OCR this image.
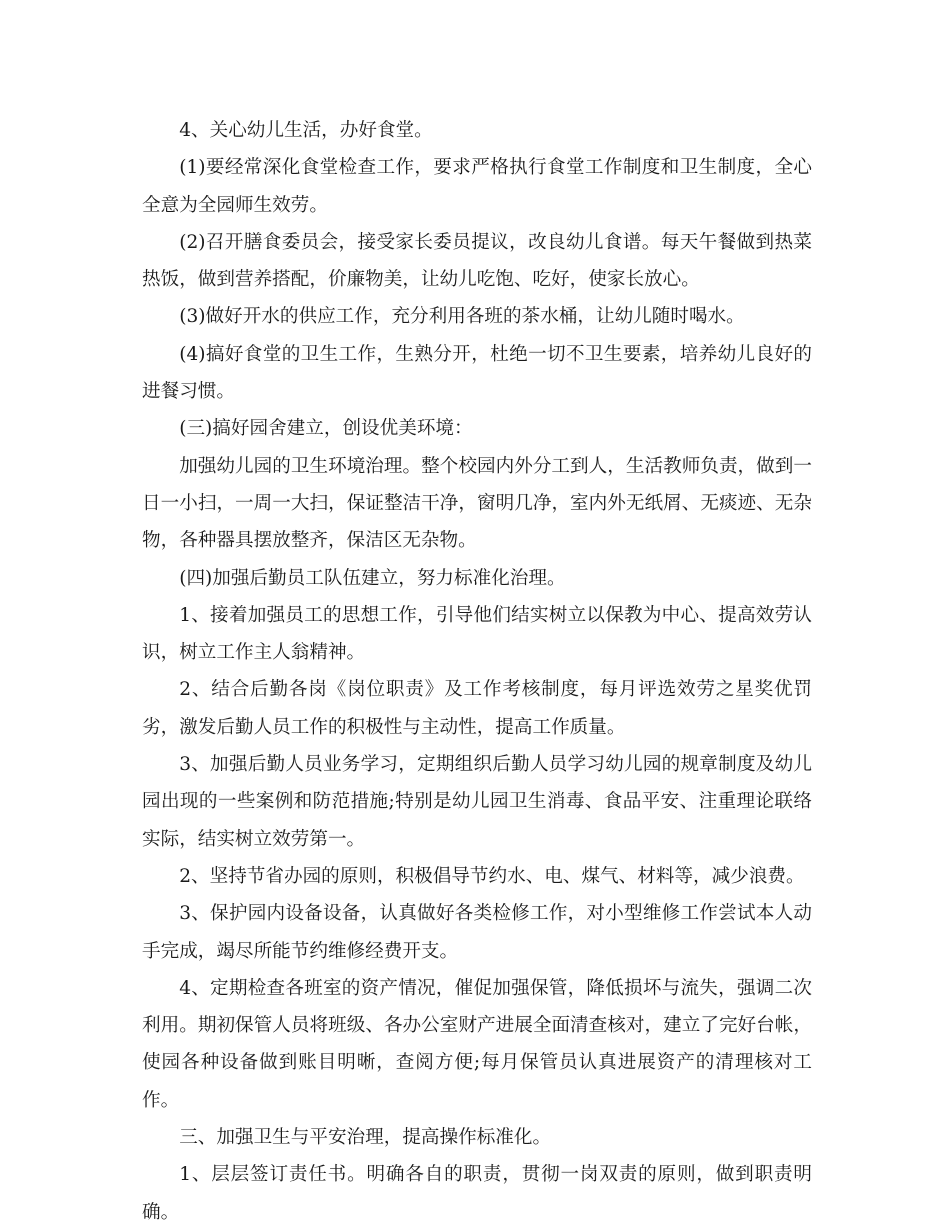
4、关心幼儿生活，办好食堂。

(1)要经常深化食堂检查工作，要求严格执行食堂工作制度和卫生制度，全心全意为全园师生效劳。

(2)召开膳食委员会，接受家长委员提议，改良幼儿食谱。每天午餐做到热菜热饭，做到营养搭配，价廉物美，让幼儿吃饱、吃好，使家长放心。

(3)做好开水的供应工作，充分利用各班的茶水桶，让幼儿随时喝水。

(4)搞好食堂的卫生工作，生熟分开，杜绝一切不卫生要素，培养幼儿良好的进餐习惯。

(三)搞好园舍建立，创设优美环境：

加强幼儿园的卫生环境治理。整个校园内外分工到人，生活教师负责，做到一日一小扫，一周一大扫，保证整洁干净，窗明几净，室内外无纸屑、无痰迹、无杂物，各种器具摆放整齐，保洁区无杂物。

(四)加强后勤员工队伍建立，努力标准化治理。

1、接着加强员工的思想工作，引导他们结实树立以保教为中心、提高效劳认识，树立工作主人翁精神。

2、结合后勤各岗《岗位职责》及工作考核制度，每月评选效劳之星奖优罚劣，激发后勤人员工作的积极性与主动性，提高工作质量。

3、加强后勤人员业务学习，定期组织后勤人员学习幼儿园的规章制度及幼儿园出现的一些案例和防范措施;特别是幼儿园卫生消毒、食品平安、注重理论联络实际，结实树立效劳第一。

2、坚持节省办园的原则，积极倡导节约水、电、煤气、材料等，减少浪费。

3、保护园内设备设备，认真做好各类检修工作，对小型维修工作尝试本人动手完成，竭尽所能节约维修经费开支。

4、定期检查各班室的资产情况，催促加强保管，降低损坏与流失，强调二次利用。期初保管人员将班级、各办公室财产进展全面清查核对，建立了完好台帐，使园各种设备做到账目明晰，查阅方便;每月保管员认真进展资产的清理核对工作。

三、加强卫生与平安治理，提高操作标准化。

1、层层签订责任书。明确各自的职责，贯彻一岗双责的原则，做到职责明确。
